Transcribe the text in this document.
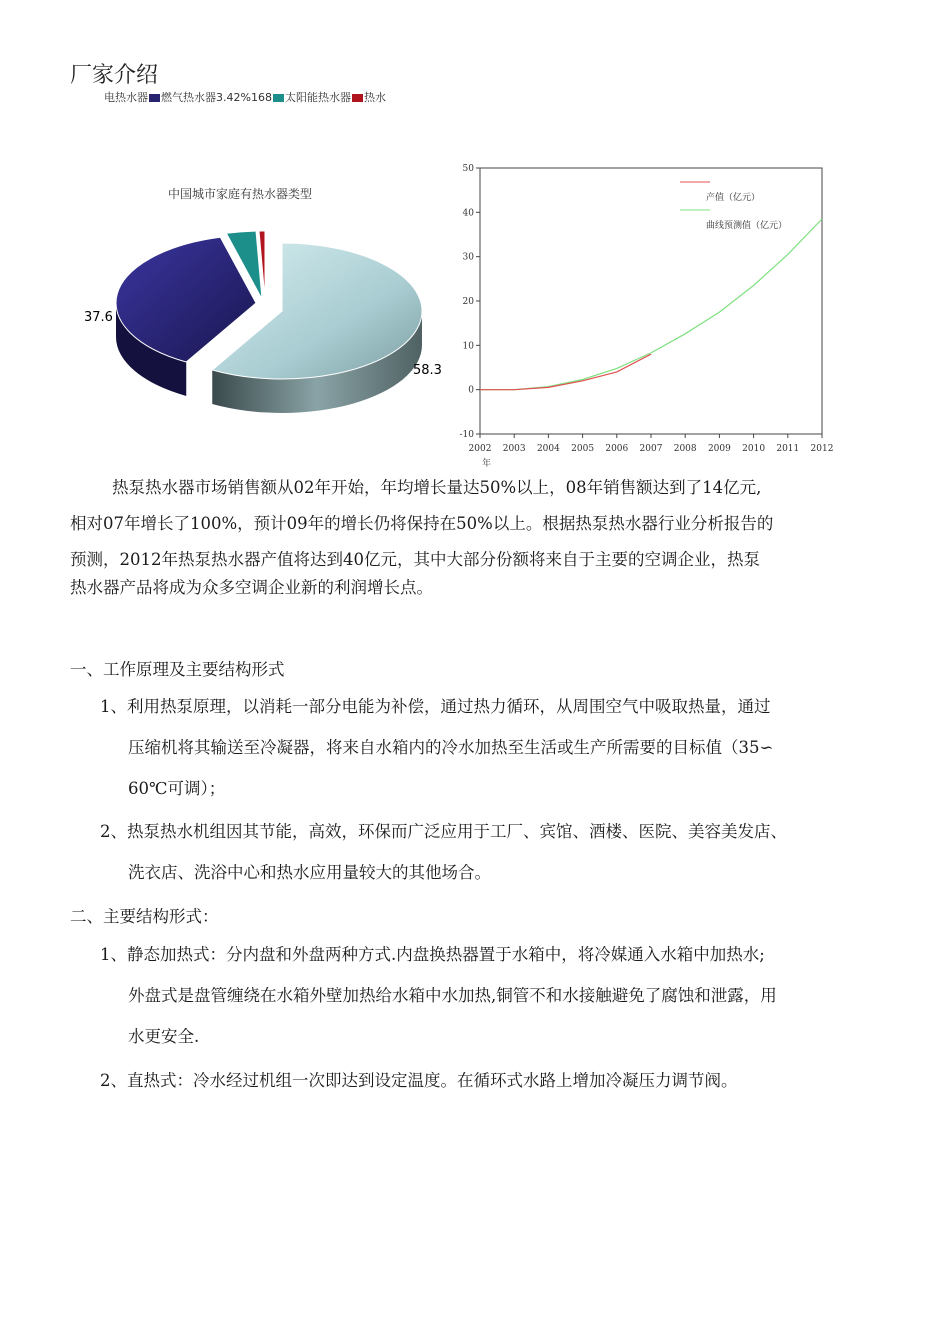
厂家介绍
电热水器 燃气热水器3.42%168 太阳能热水器 热水
中国城市家庭有热水器类型
37.6
58.3
-10
0
10
20
30
40
50
2002 2003 2004 2005 2006 2007 2008 2009 2010 2011 2012
产值（亿元）
曲线预测值（亿元）
年
热泵热水器市场销售额从02年开始，年均增长量达50%以上，08年销售额达到了14亿元,
相对07年增长了100%，预计09年的增长仍将保持在50%以上。根据热泵热水器行业分析报告的
预测，2012年热泵热水器产值将达到40亿元，其中大部分份额将来自于主要的空调企业，热泵
热水器产品将成为众多空调企业新的利润增长点。
一、工作原理及主要结构形式
1、利用热泵原理，以消耗一部分电能为补偿，通过热力循环，从周围空气中吸取热量，通过
压缩机将其输送至冷凝器，将来自水箱内的冷水加热至生活或生产所需要的目标值（35∽
60℃可调）；
2、热泵热水机组因其节能，高效，环保而广泛应用于工厂、宾馆、酒楼、医院、美容美发店、
洗衣店、洗浴中心和热水应用量较大的其他场合。
二、主要结构形式：
1、静态加热式：分内盘和外盘两种方式.内盘换热器置于水箱中，将冷媒通入水箱中加热水;
外盘式是盘管缠绕在水箱外壁加热给水箱中水加热,铜管不和水接触避免了腐蚀和泄露，用
水更安全.
2、直热式：冷水经过机组一次即达到设定温度。在循环式水路上增加冷凝压力调节阀。
